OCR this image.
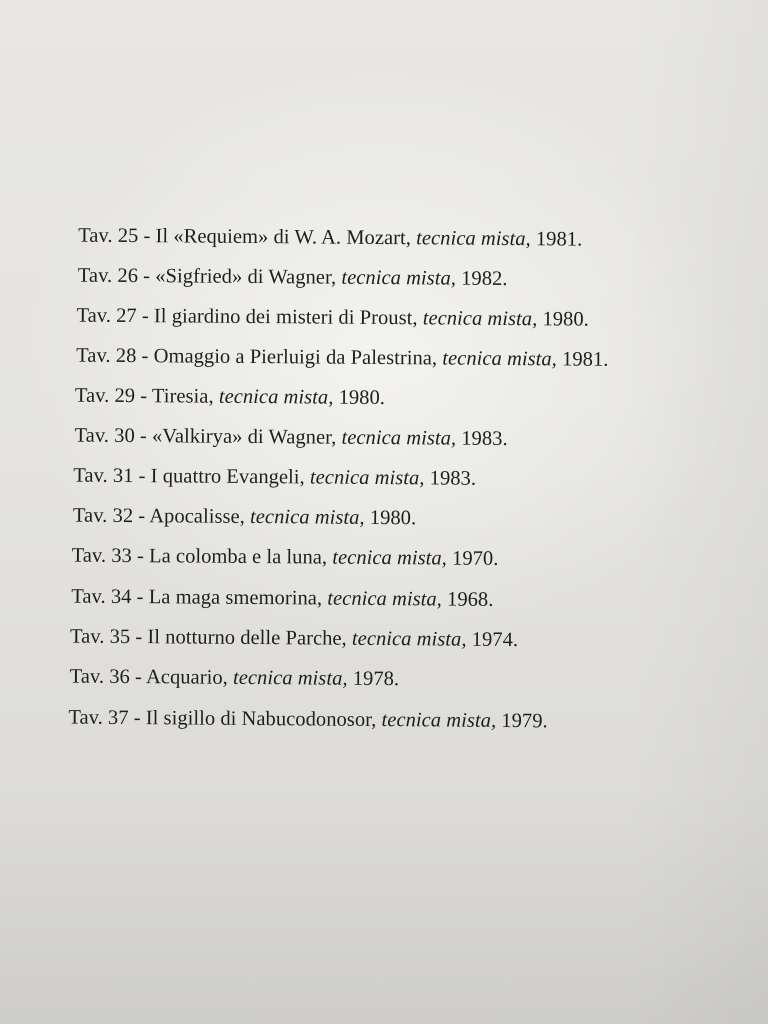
Tav. 25 - Il «Requiem» di W. A. Mozart, tecnica mista, 1981.
Tav. 26 - «Sigfried» di Wagner, tecnica mista, 1982.
Tav. 27 - Il giardino dei misteri di Proust, tecnica mista, 1980.
Tav. 28 - Omaggio a Pierluigi da Palestrina, tecnica mista, 1981.
Tav. 29 - Tiresia, tecnica mista, 1980.
Tav. 30 - «Valkirya» di Wagner, tecnica mista, 1983.
Tav. 31 - I quattro Evangeli, tecnica mista, 1983.
Tav. 32 - Apocalisse, tecnica mista, 1980.
Tav. 33 - La colomba e la luna, tecnica mista, 1970.
Tav. 34 - La maga smemorina, tecnica mista, 1968.
Tav. 35 - Il notturno delle Parche, tecnica mista, 1974.
Tav. 36 - Acquario, tecnica mista, 1978.
Tav. 37 - Il sigillo di Nabucodonosor, tecnica mista, 1979.
